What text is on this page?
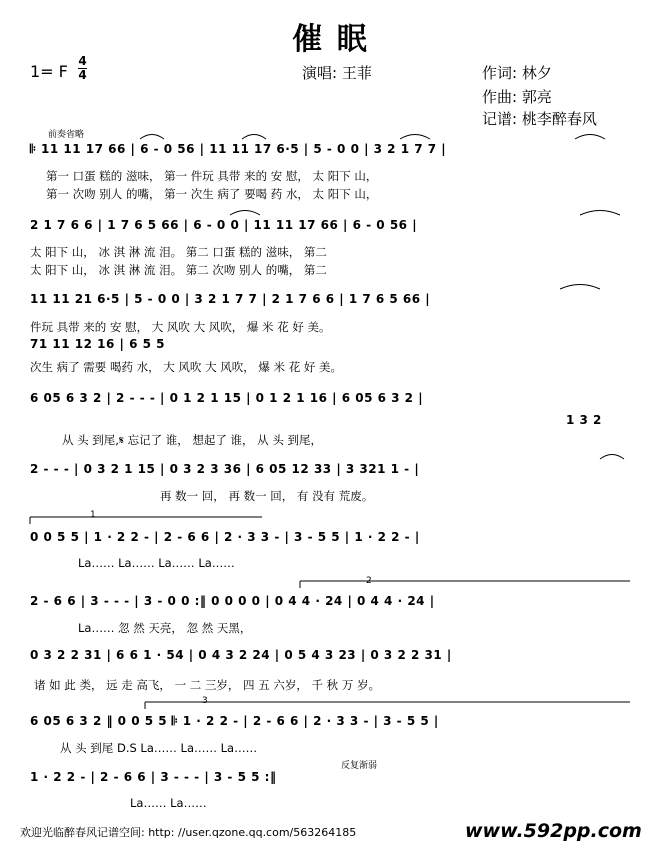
催 眠
1= F
4
4	演唱: 王菲	作词: 林夕
作曲: 郭亮
记谱: 桃李醉春风
前奏省略
𝄆 11 11 17 66 | 6 - 0 56 | 11 11 17 6·5 | 5 - 0 0 | 3 2 1 7 7 |
第一 口蛋 糕的 滋味， 第一 件玩 具带 来的 安 慰， 太 阳下 山，
第一 次吻 别人 的嘴， 第一 次生 病了 要喝 药 水， 太 阳下 山，
2 1 7 6 6 | 1 7 6 5 66 | 6 - 0 0 | 11 11 17 66 | 6 - 0 56 |
太 阳下 山， 冰 淇 淋 流 泪。 第二 口蛋 糕的 滋味， 第二
太 阳下 山， 冰 淇 淋 流 泪。 第二 次吻 别人 的嘴， 第二
11 11 21 6·5 | 5 - 0 0 | 3 2 1 7 7 | 2 1 7 6 6 | 1 7 6 5 66 |
件玩 具带 来的 安 慰， 大 风吹 大 风吹， 爆 米 花 好 美。
71 11 12 16 | 6 5 5
次生 病了 需要 喝药 水， 大 风吹 大 风吹， 爆 米 花 好 美。
6 05 6 3 2 | 2 - - - | 0 1 2 1 15 | 0 1 2 1 16 | 6 05 6 3 2 |
从 头 到尾,𝄋 忘记了 谁， 想起了 谁， 从 头 到尾，
1 3 2
2 - - - | 0 3 2 1 15 | 0 3 2 3 36 | 6 05 12 33 | 3 321 1 - |
再 数一 回， 再 数一 回， 有 没有 荒废。
1
0 0 5 5 | 1 · 2 2 - | 2 - 6 6 | 2 · 3 3 - | 3 - 5 5 | 1 · 2 2 - |
La…… La…… La…… La……
2
2 - 6 6 | 3 - - - | 3 - 0 0 :‖ 0 0 0 0 | 0 4 4 · 24 | 0 4 4 · 24 |
La…… 忽 然 天亮， 忽 然 天黑，
0 3 2 2 31 | 6 6 1 · 54 | 0 4 3 2 24 | 0 5 4 3 23 | 0 3 2 2 31 |
诸 如 此 类， 远 走 高飞， 一 二 三岁， 四 五 六岁， 千 秋 万 岁。
3
6 05 6 3 2 ‖ 0 0 5 5 𝄆 1 · 2 2 - | 2 - 6 6 | 2 · 3 3 - | 3 - 5 5 |
从 头 到尾 D.S La…… La…… La……
反复渐弱
1 · 2 2 - | 2 - 6 6 | 3 - - - | 3 - 5 5 :‖
La…… La……
欢迎光临醉春风记谱空间: http: //user.qzone.qq.com/563264185	www.592pp.com
